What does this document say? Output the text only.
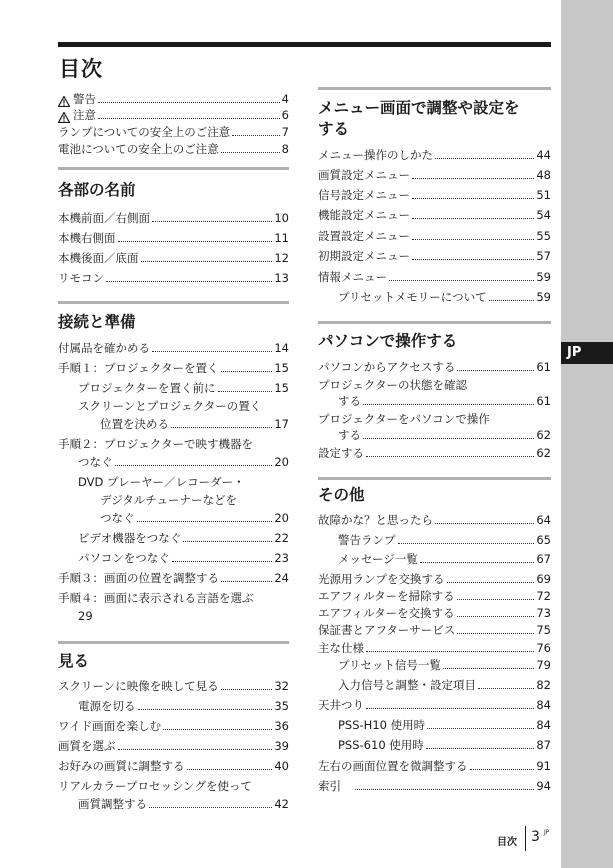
JP
目次
警告	4
注意	6
ランプについての安全上のご注意	7
電池についての安全上のご注意	8
各部の名前
本機前面／右側面	10
本機右側面	11
本機後面／底面	12
リモコン	13
接続と準備
付属品を確かめる	14
手順１：プロジェクターを置く	15
プロジェクターを置く前に	15
スクリーンとプロジェクターの置く
位置を決める	17
手順２：プロジェクターで映す機器を
つなぐ	20
DVD プレーヤー／レコーダー・
デジタルチューナーなどを
つなぐ	20
ビデオ機器をつなぐ	22
パソコンをつなぐ	23
手順３：画面の位置を調整する	24
手順４：画面に表示される言語を選ぶ
29
見る
スクリーンに映像を映して見る	32
電源を切る	35
ワイド画面を楽しむ	36
画質を選ぶ	39
お好みの画質に調整する	40
リアルカラープロセッシングを使って
画質調整する	42
メニュー画面で調整や設定を
する
メニュー操作のしかた	44
画質設定メニュー	48
信号設定メニュー	51
機能設定メニュー	54
設置設定メニュー	55
初期設定メニュー	57
情報メニュー	59
プリセットメモリーについて	59
パソコンで操作する
パソコンからアクセスする	61
プロジェクターの状態を確認
する	61
プロジェクターをパソコンで操作
する	62
設定する	62
その他
故障かな？と思ったら	64
警告ランプ	65
メッセージ一覧	67
光源用ランプを交換する	69
エアフィルターを掃除する	72
エアフィルターを交換する	73
保証書とアフターサービス	75
主な仕様	76
プリセット信号一覧	79
入力信号と調整・設定項目	82
天井つり	84
PSS-H10 使用時	84
PSS-610 使用時	87
左右の画面位置を微調整する	91
索引	94
目次 3 JP
